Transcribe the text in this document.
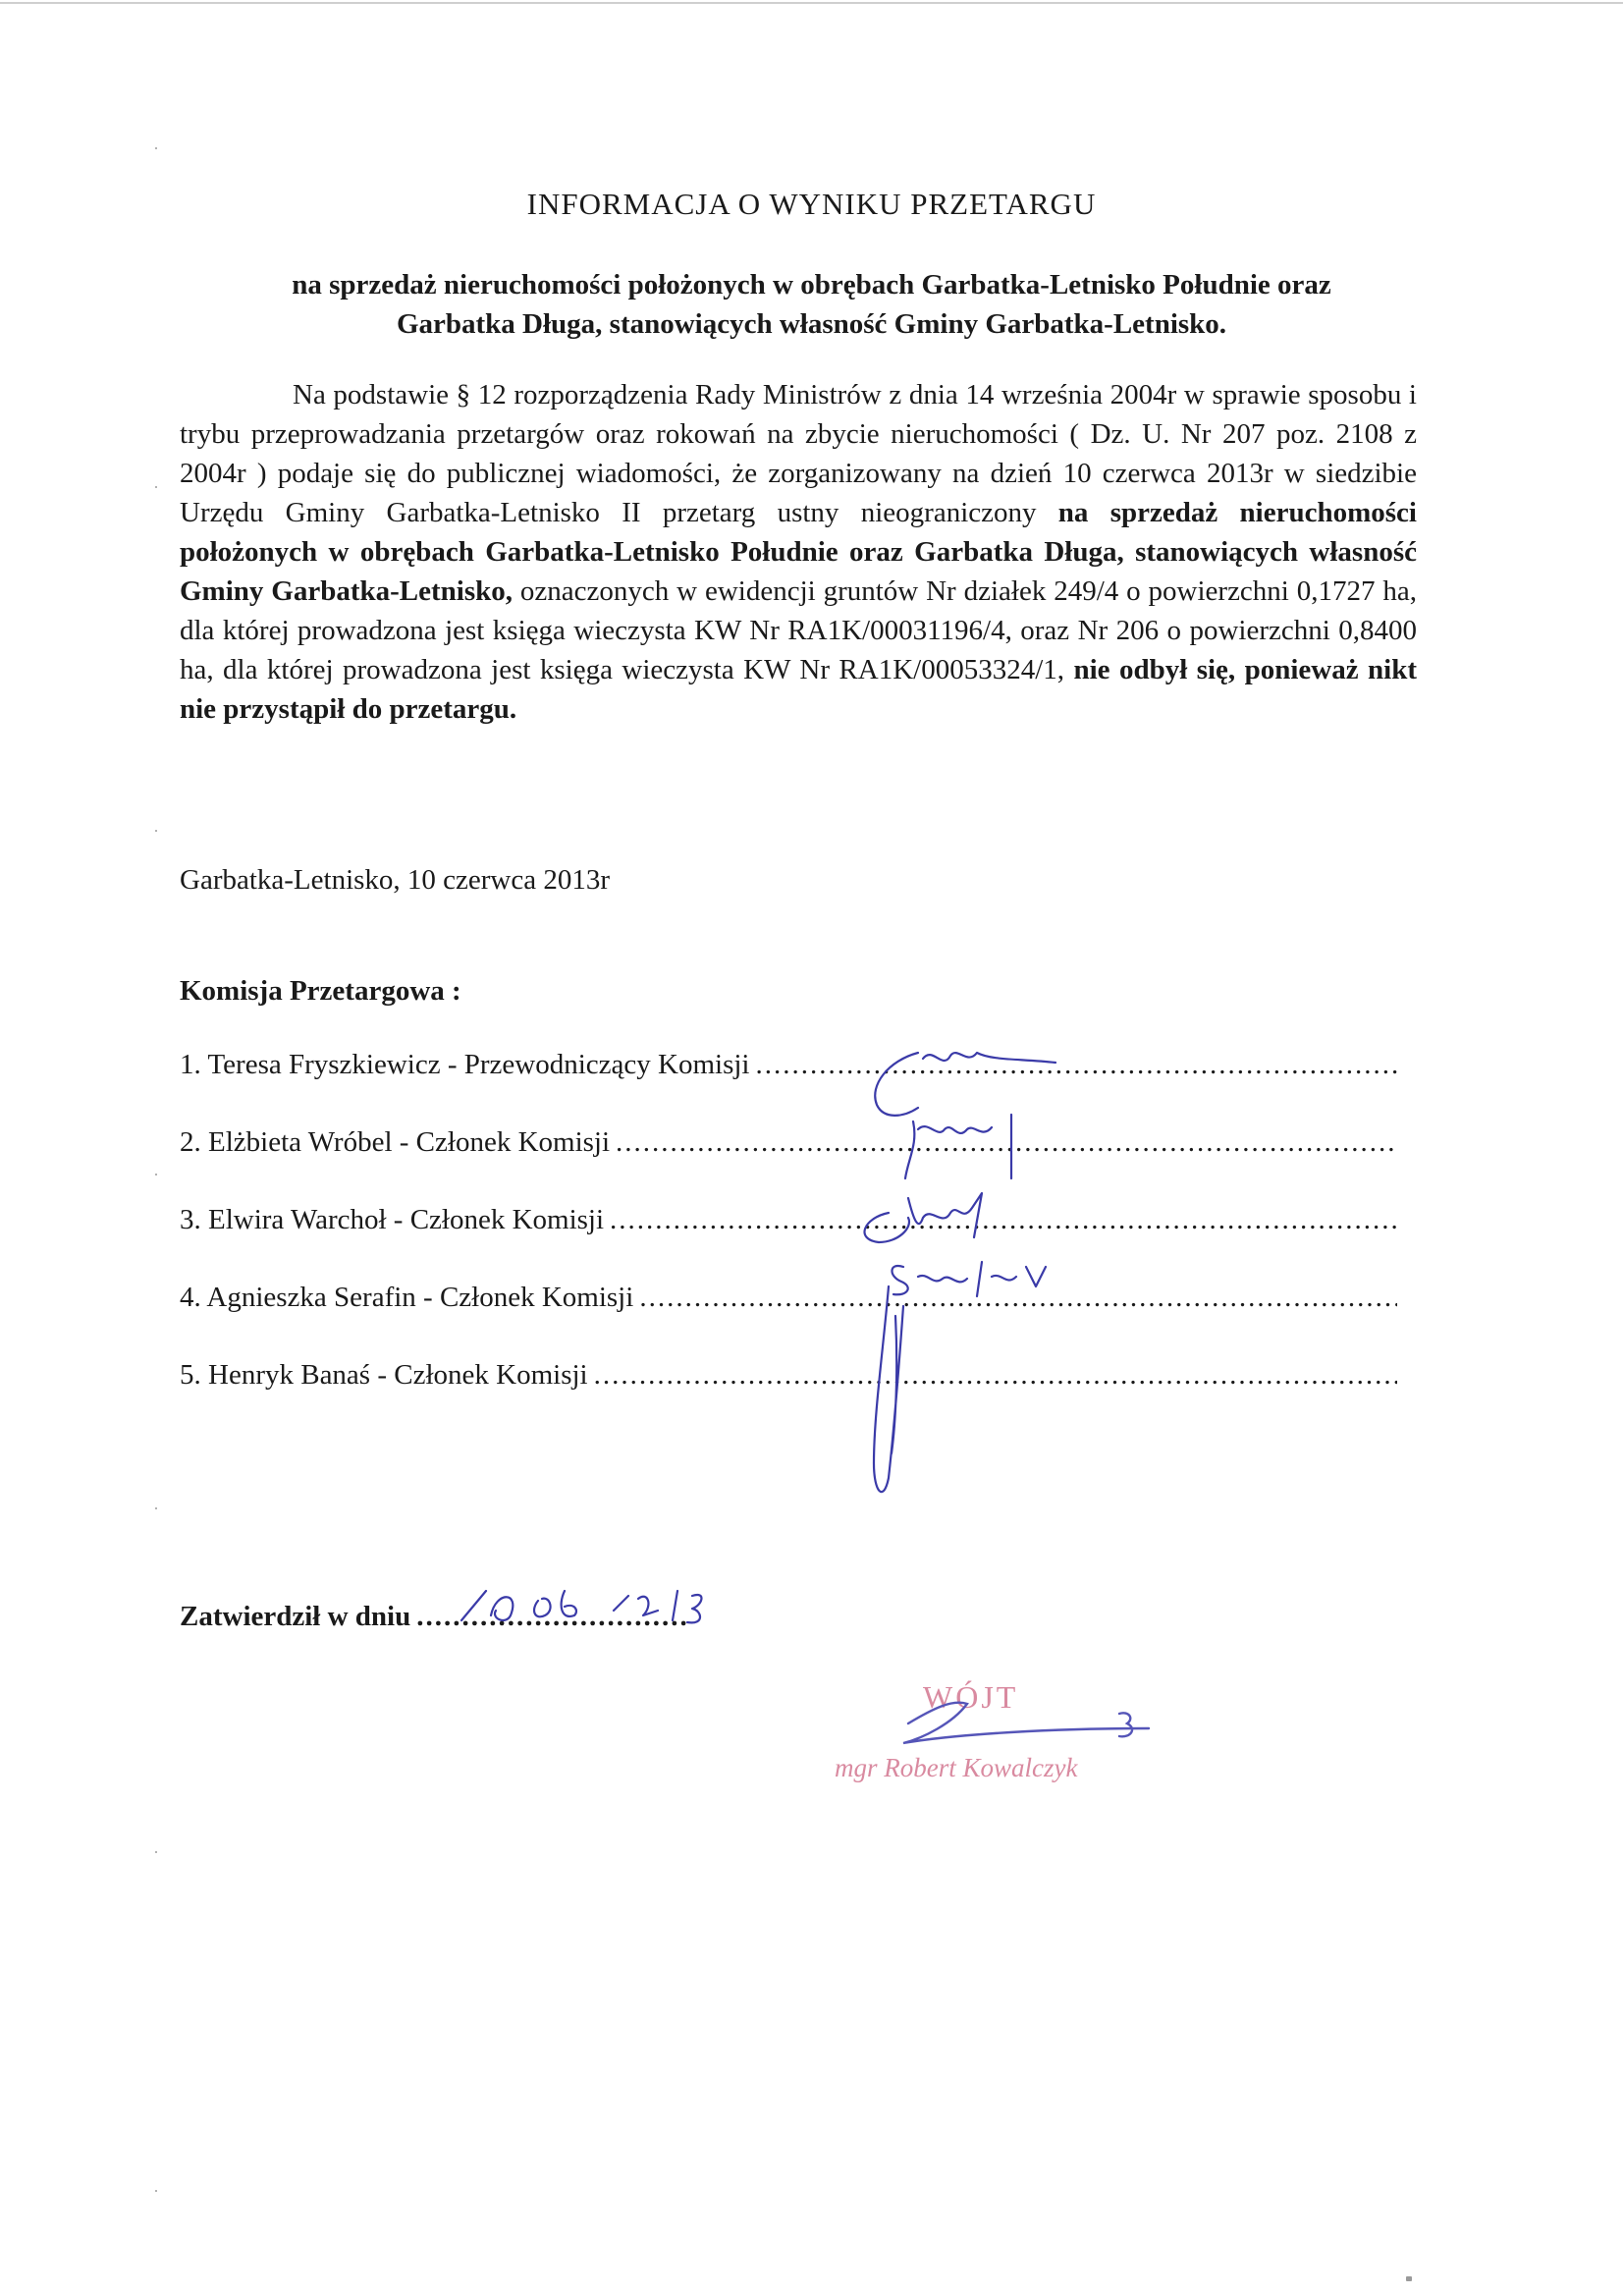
INFORMACJA O WYNIKU PRZETARGU
na sprzedaż nieruchomości położonych w obrębach Garbatka-Letnisko Południe oraz
Garbatka Długa, stanowiących własność Gminy Garbatka-Letnisko.
Na podstawie § 12 rozporządzenia Rady Ministrów z dnia 14 września 2004r w sprawie sposobu i trybu przeprowadzania przetargów oraz rokowań na zbycie nieruchomości ( Dz. U. Nr 207 poz. 2108 z 2004r ) podaje się do publicznej wiadomości, że zorganizowany na dzień 10 czerwca 2013r w siedzibie Urzędu Gminy Garbatka-Letnisko II przetarg ustny nieograniczony na sprzedaż nieruchomości położonych w obrębach Garbatka-Letnisko Południe oraz Garbatka Długa, stanowiących własność Gminy Garbatka-Letnisko, oznaczonych w ewidencji gruntów Nr działek 249/4 o powierzchni 0,1727 ha, dla której prowadzona jest księga wieczysta KW Nr RA1K/00031196/4, oraz Nr 206 o powierzchni 0,8400 ha, dla której prowadzona jest księga wieczysta KW Nr RA1K/00053324/1, nie odbył się, ponieważ nikt nie przystąpił do przetargu.
Garbatka-Letnisko, 10 czerwca 2013r
Komisja Przetargowa :
1. Teresa Fryszkiewicz - Przewodniczący Komisji
.....
2. Elżbieta Wróbel - Członek Komisji
.....
3. Elwira Warchoł - Członek Komisji
.....
4. Agnieszka Serafin - Członek Komisji
.....
5. Henryk Banaś - Członek Komisji
.....
Zatwierdził w dniu
.....
WÓJT
mgr Robert Kowalczyk
